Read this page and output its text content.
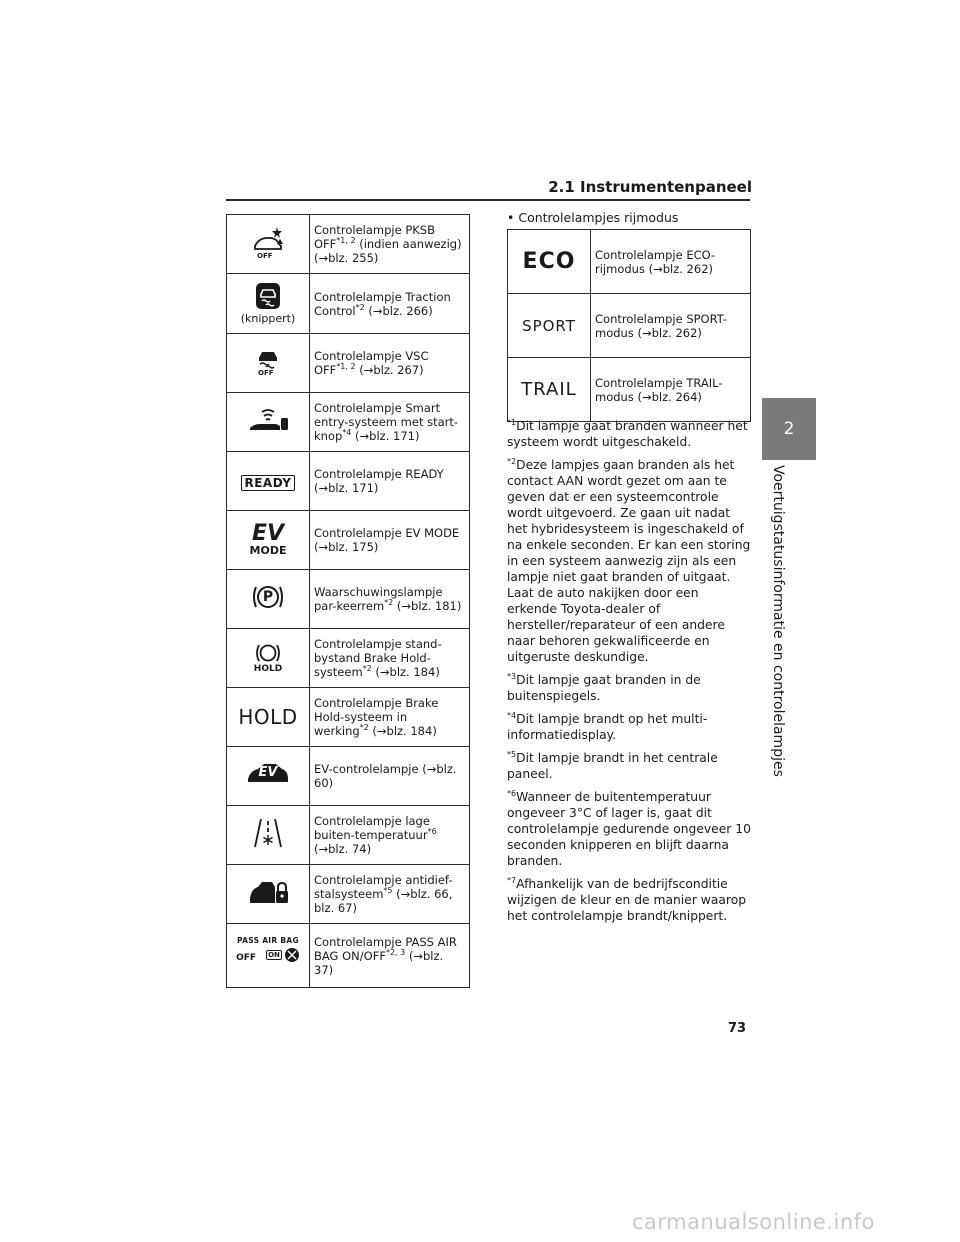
2.1 Instrumentenpaneel
2
Voertuigstatusinformatie en controlelampjes
OFF	Controlelampje PKSB OFF$^{*1, 2}$ (indien aanwezig) (→blz. 255)

(knippert)	Controlelampje Traction Control$^{*2}$ (→blz. 266)

OFF	Controlelampje VSC OFF$^{*1, 2}$ (→blz. 267)

	Controlelampje Smart entry-systeem met start-knop$^{*4}$ (→blz. 171)

READY	Controlelampje READY (→blz. 171)

EV
MODE	Controlelampje EV MODE (→blz. 175)

P	Waarschuwingslampje par-keerrem$^{*2}$ (→blz. 181)

HOLD	Controlelampje stand-bystand Brake Hold-systeem$^{*2}$ (→blz. 184)

HOLD	Controlelampje Brake Hold-systeem in werking$^{*2}$ (→blz. 184)

EV	EV-controlelampje (→blz. 60)

	Controlelampje lage buiten-temperatuur$^{*6}$ (→blz. 74)

	Controlelampje antidief-stalsysteem$^{*5}$ (→blz. 66, blz. 67)

PASS AIR BAG
OFF ON	Controlelampje PASS AIR BAG ON/OFF$^{*2, 3}$ (→blz. 37)
• Controlelampjes rijmodus
ECO	Controlelampje ECO-rijmodus (→blz. 262)
SPORT	Controlelampje SPORT-modus (→blz. 262)
TRAIL	Controlelampje TRAIL-modus (→blz. 264)

$^{*1}$Dit lampje gaat branden wanneer het systeem wordt uitgeschakeld.

$^{*2}$Deze lampjes gaan branden als het contact AAN wordt gezet om aan te geven dat er een systeemcontrole wordt uitgevoerd. Ze gaan uit nadat het hybridesysteem is ingeschakeld of na enkele seconden. Er kan een storing in een systeem aanwezig zijn als een lampje niet gaat branden of uitgaat. Laat de auto nakijken door een erkende Toyota-dealer of hersteller/reparateur of een andere naar behoren gekwalificeerde en uitgeruste deskundige.

$^{*3}$Dit lampje gaat branden in de buitenspiegels.

$^{*4}$Dit lampje brandt op het multi-informatiedisplay.

$^{*5}$Dit lampje brandt in het centrale paneel.

$^{*6}$Wanneer de buitentemperatuur ongeveer 3°C of lager is, gaat dit controlelampje gedurende ongeveer 10 seconden knipperen en blijft daarna branden.

$^{*7}$Afhankelijk van de bedrijfsconditie wijzigen de kleur en de manier waarop het controlelampje brandt/knippert.

73
carmanualsonline.info
